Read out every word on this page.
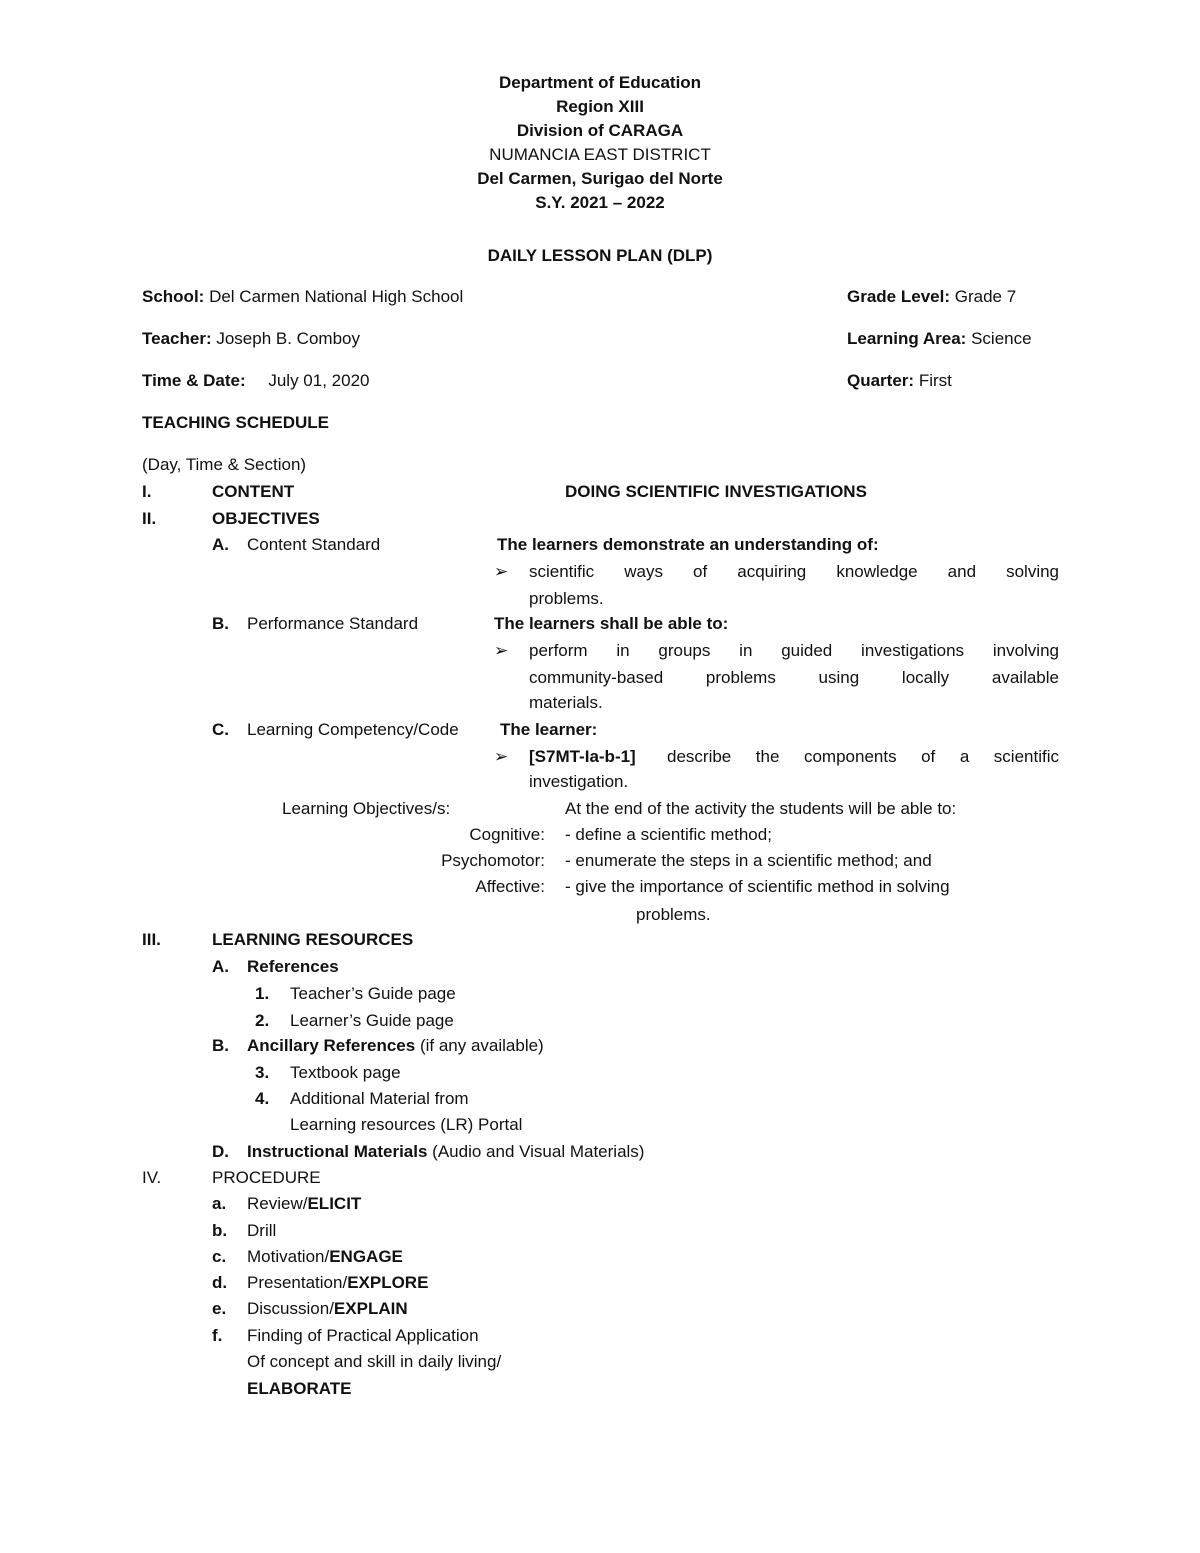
Department of Education
Region XIII
Division of CARAGA
NUMANCIA EAST DISTRICT
Del Carmen, Surigao del Norte
S.Y. 2021 – 2022
DAILY LESSON PLAN (DLP)
School: Del Carmen National High School	Grade Level: Grade 7
Teacher: Joseph B. Comboy	Learning Area: Science
Time & Date: July 01, 2020	Quarter: First
TEACHING SCHEDULE
(Day, Time & Section)
I.	CONTENT	DOING SCIENTIFIC INVESTIGATIONS
II.	OBJECTIVES
A. Content Standard	The learners demonstrate an understanding of:
➢ scientific ways of acquiring knowledge and solving
problems.
B. Performance Standard	The learners shall be able to:
➢ perform in groups in guided investigations involving
community-based problems using locally available
materials.
C. Learning Competency/Code The learner:
➢ [S7MT-Ia-b-1] describe the components of a scientific
investigation.
Learning Objectives/s:	At the end of the activity the students will be able to:
Cognitive: - define a scientific method;
Psychomotor: - enumerate the steps in a scientific method; and
Affective: - give the importance of scientific method in solving
problems.
III.	LEARNING RESOURCES
A. References
1. Teacher’s Guide page
2. Learner’s Guide page
B. Ancillary References (if any available)
3. Textbook page
4. Additional Material from
Learning resources (LR) Portal
D. Instructional Materials (Audio and Visual Materials)
IV.	PROCEDURE
a. Review/ELICIT
b. Drill
c. Motivation/ENGAGE
d. Presentation/EXPLORE
e. Discussion/EXPLAIN
f. Finding of Practical Application
Of concept and skill in daily living/
ELABORATE
